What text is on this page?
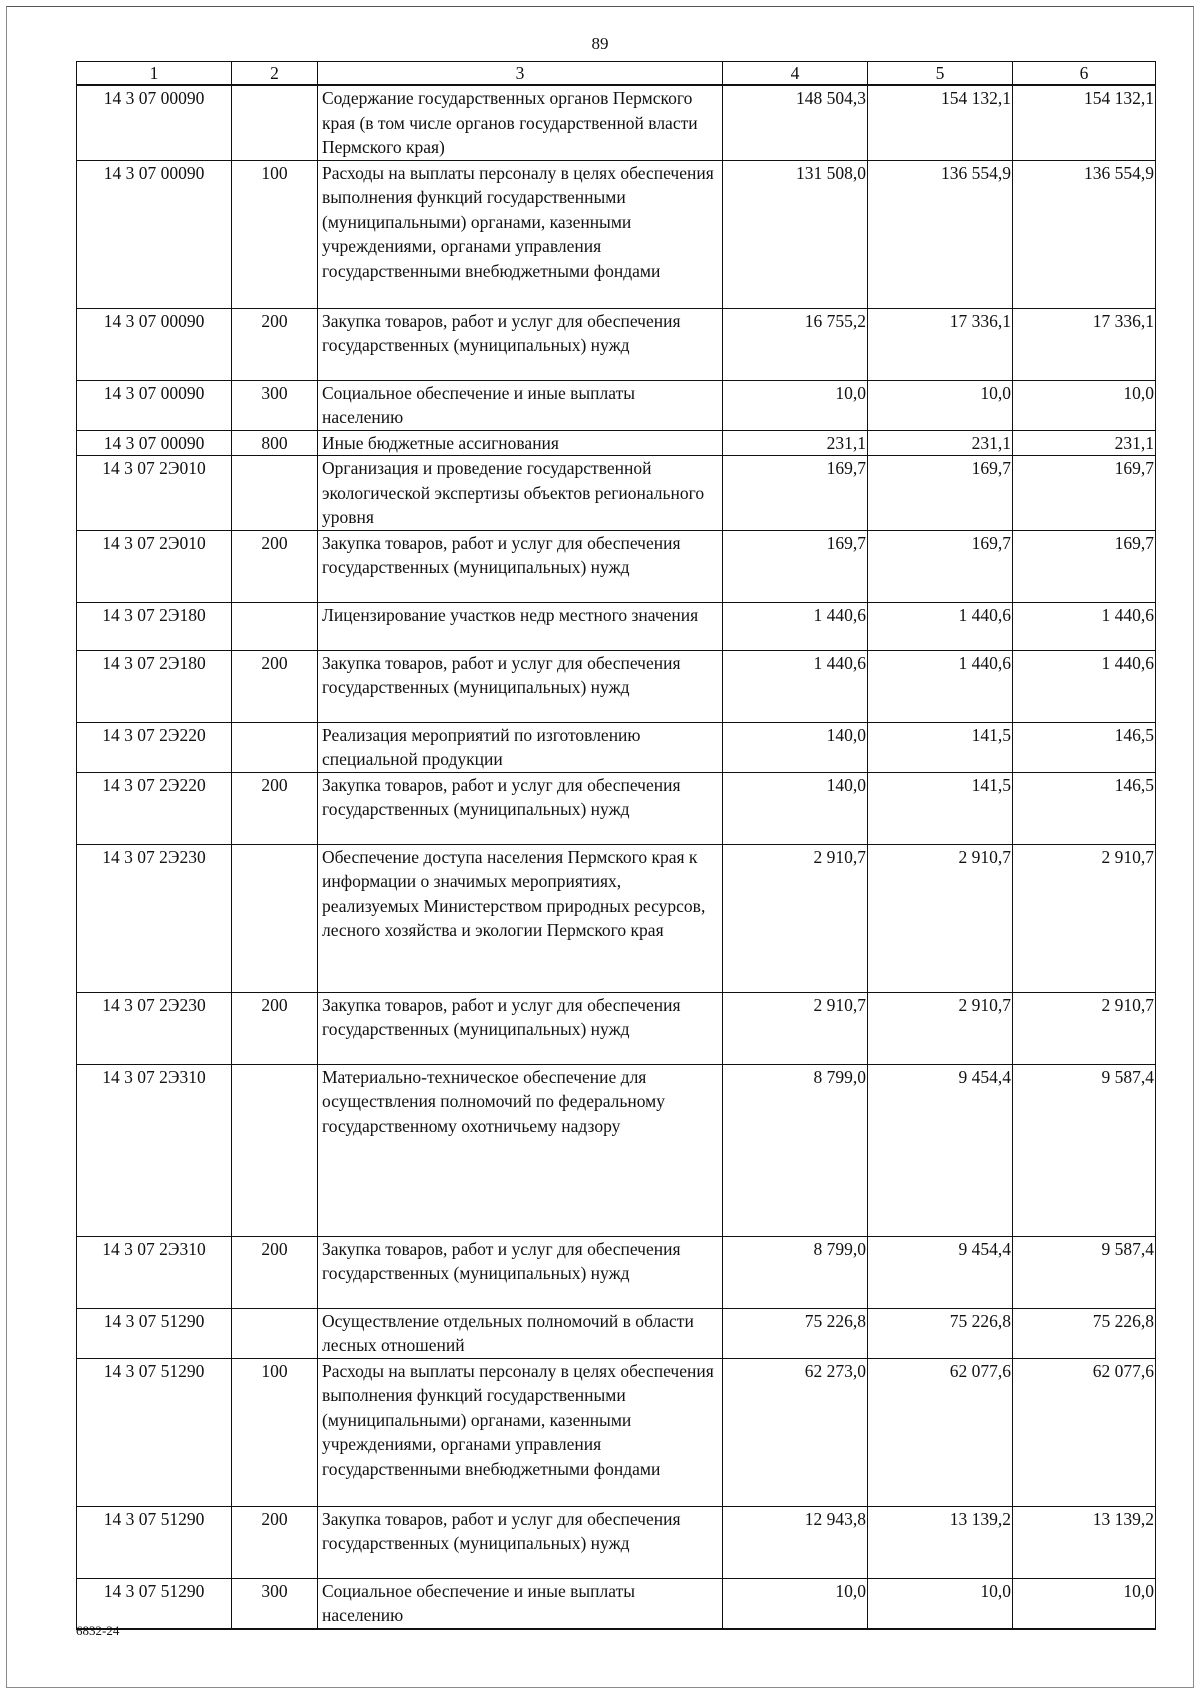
89
1	2	3	4	5	6
14 3 07 00090		Содержание государственных органов Пермского края (в том числе органов государственной власти Пермского края)	148 504,3	154 132,1	154 132,1
14 3 07 00090	100	Расходы на выплаты персоналу в целях обеспечения выполнения функций государственными (муниципальными) органами, казенными учреждениями, органами управления государственными внебюджетными фондами	131 508,0	136 554,9	136 554,9
14 3 07 00090	200	Закупка товаров, работ и услуг для обеспечения государственных (муниципальных) нужд	16 755,2	17 336,1	17 336,1
14 3 07 00090	300	Социальное обеспечение и иные выплаты населению	10,0	10,0	10,0
14 3 07 00090	800	Иные бюджетные ассигнования	231,1	231,1	231,1
14 3 07 2Э010		Организация и проведение государственной экологической экспертизы объектов регионального уровня	169,7	169,7	169,7
14 3 07 2Э010	200	Закупка товаров, работ и услуг для обеспечения государственных (муниципальных) нужд	169,7	169,7	169,7
14 3 07 2Э180		Лицензирование участков недр местного значения	1 440,6	1 440,6	1 440,6
14 3 07 2Э180	200	Закупка товаров, работ и услуг для обеспечения государственных (муниципальных) нужд	1 440,6	1 440,6	1 440,6
14 3 07 2Э220		Реализация мероприятий по изготовлению специальной продукции	140,0	141,5	146,5
14 3 07 2Э220	200	Закупка товаров, работ и услуг для обеспечения государственных (муниципальных) нужд	140,0	141,5	146,5
14 3 07 2Э230		Обеспечение доступа населения Пермского края к информации о значимых мероприятиях, реализуемых Министерством природных ресурсов, лесного хозяйства и экологии Пермского края	2 910,7	2 910,7	2 910,7
14 3 07 2Э230	200	Закупка товаров, работ и услуг для обеспечения государственных (муниципальных) нужд	2 910,7	2 910,7	2 910,7
14 3 07 2Э310		Материально-техническое обеспечение для осуществления полномочий по федеральному государственному охотничьему надзору	8 799,0	9 454,4	9 587,4
14 3 07 2Э310	200	Закупка товаров, работ и услуг для обеспечения государственных (муниципальных) нужд	8 799,0	9 454,4	9 587,4
14 3 07 51290		Осуществление отдельных полномочий в области лесных отношений	75 226,8	75 226,8	75 226,8
14 3 07 51290	100	Расходы на выплаты персоналу в целях обеспечения выполнения функций государственными (муниципальными) органами, казенными учреждениями, органами управления государственными внебюджетными фондами	62 273,0	62 077,6	62 077,6
14 3 07 51290	200	Закупка товаров, работ и услуг для обеспечения государственных (муниципальных) нужд	12 943,8	13 139,2	13 139,2
14 3 07 51290	300	Социальное обеспечение и иные выплаты населению	10,0	10,0	10,0
6832-24
